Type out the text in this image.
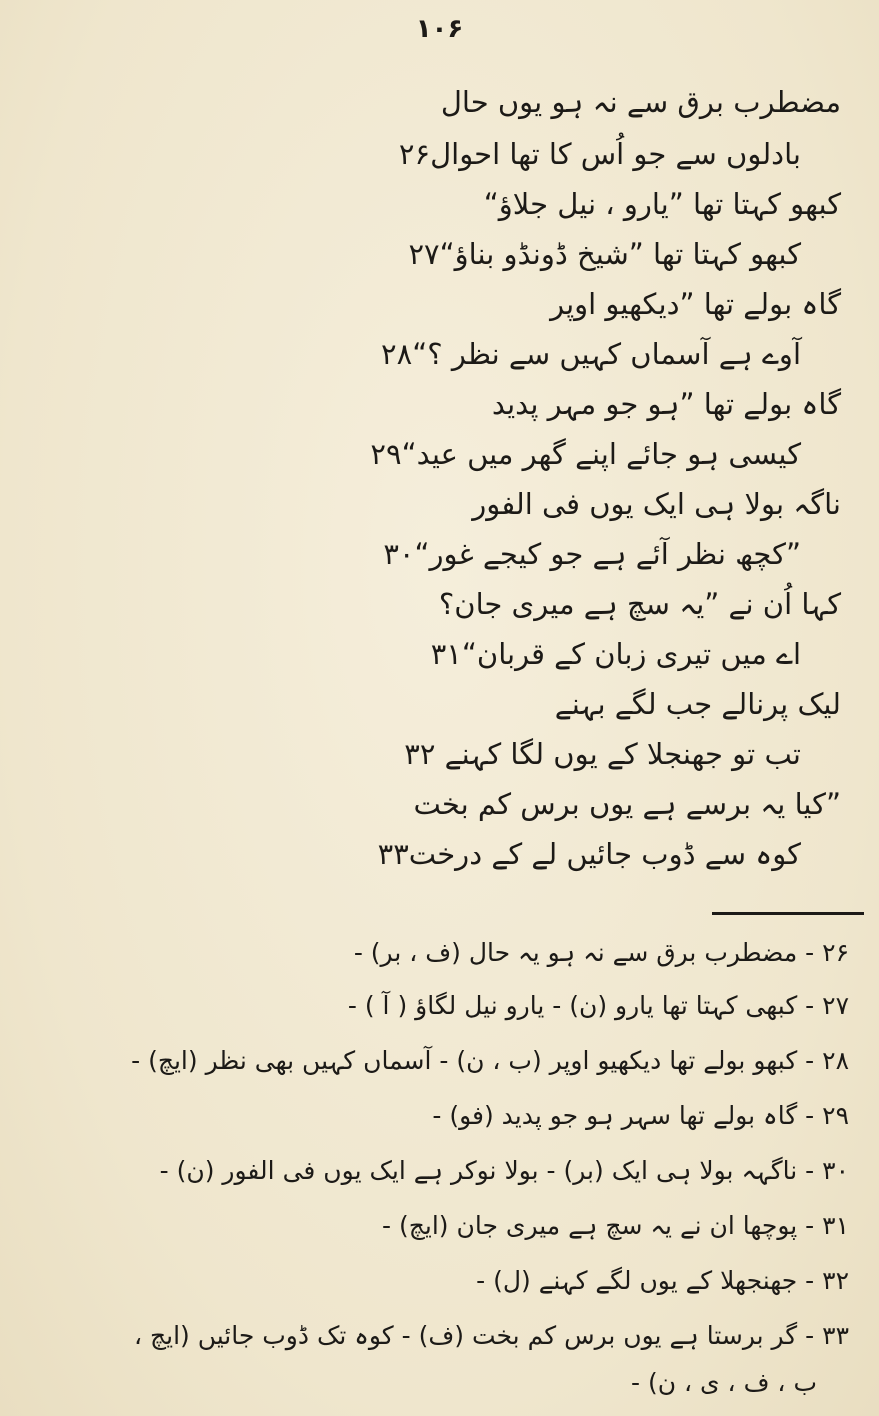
۱۰۶
مضطرب برق سے نہ ہو یوں حال
بادلوں سے جو اُس کا تھا احوال۲۶
کبھو کہتا تھا ”یارو ، نیل جلاؤ“
کبھو کہتا تھا ”شیخ ڈونڈو بناؤ“۲۷
گاہ بولے تھا ”دیکھیو اوپر
آوے ہے آسماں کہیں سے نظر ؟“۲۸
گاہ بولے تھا ”ہو جو مہر پدید
کیسی ہو جائے اپنے گھر میں عید“۲۹
ناگہ بولا ہی ایک یوں فی الفور
”کچھ نظر آئے ہے جو کیجے غور“۳۰
کہا اُن نے ”یہ سچ ہے میری جان؟
اے میں تیری زبان کے قربان“۳۱
لیک پرنالے جب لگے بہنے
تب تو جھنجلا کے یوں لگا کہنے ۳۲
”کیا یہ برسے ہے یوں برس کم بخت
کوہ سے ڈوب جائیں لے کے درخت۳۳
۲۶ - مضطرب برق سے نہ ہو یہ حال (ف ، بر) -
۲۷ - کبھی کہتا تھا یارو (ن) - یارو نیل لگاؤ ( آ ) -
۲۸ - کبھو بولے تھا دیکھیو اوپر (ب ، ن) - آسماں کہیں بھی نظر (ایچ) -
۲۹ - گاہ بولے تھا سہر ہو جو پدید (فو) -
۳۰ - ناگہہ بولا ہی ایک (بر) - بولا نوکر ہے ایک یوں فی الفور (ن) -
۳۱ - پوچھا ان نے یہ سچ ہے میری جان (ایچ) -
۳۲ - جھنجھلا کے یوں لگے کہنے (ل) -
۳۳ - گر برستا ہے یوں برس کم بخت (ف) - کوہ تک ڈوب جائیں (ایچ ،
ب ، ف ، ی ، ن) -
